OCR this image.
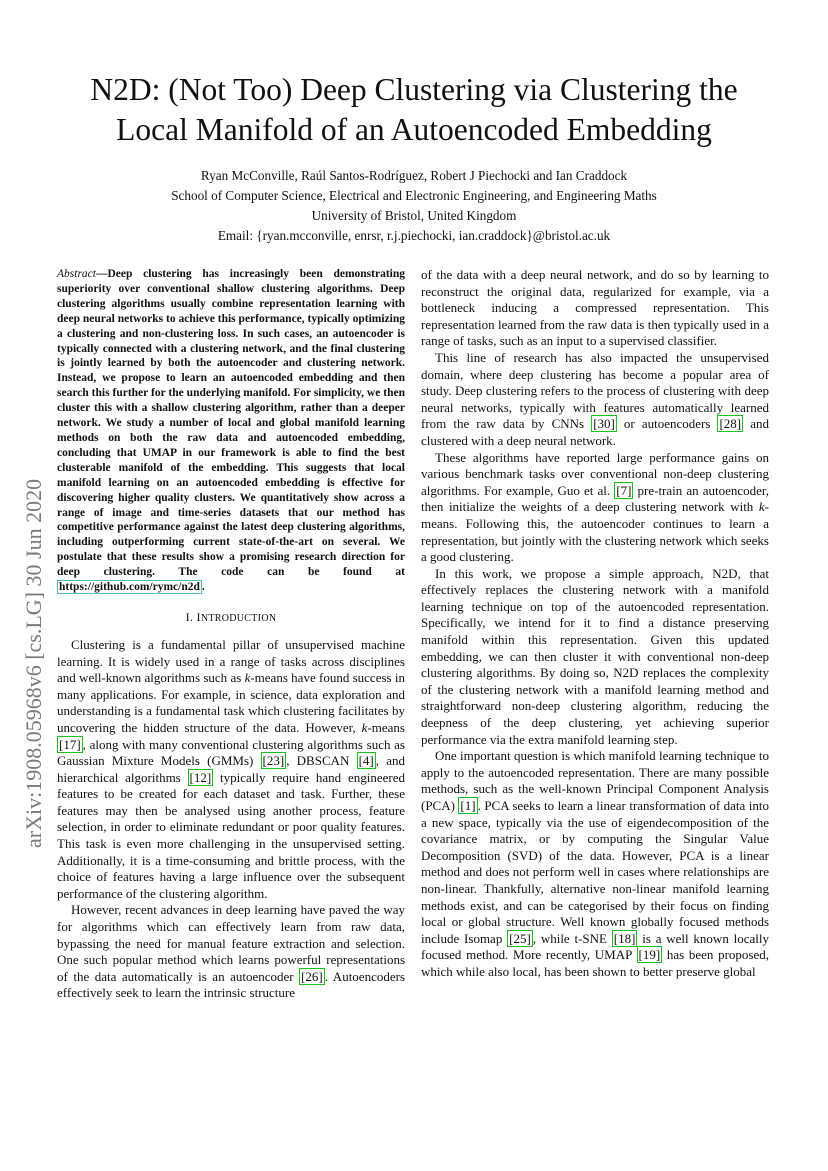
N2D: (Not Too) Deep Clustering via Clustering the
Local Manifold of an Autoencoded Embedding
Ryan McConville, Raúl Santos-Rodríguez, Robert J Piechocki and Ian Craddock
School of Computer Science, Electrical and Electronic Engineering, and Engineering Maths
University of Bristol, United Kingdom
Email: {ryan.mcconville, enrsr, r.j.piechocki, ian.craddock}@bristol.ac.uk
arXiv:1908.05968v6 [cs.LG] 30 Jun 2020
Abstract—Deep clustering has increasingly been demonstrating superiority over conventional shallow clustering algorithms. Deep clustering algorithms usually combine representation learning with deep neural networks to achieve this performance, typically optimizing a clustering and non-clustering loss. In such cases, an autoencoder is typically connected with a clustering network, and the final clustering is jointly learned by both the autoencoder and clustering network. Instead, we propose to learn an autoencoded embedding and then search this further for the underlying manifold. For simplicity, we then cluster this with a shallow clustering algorithm, rather than a deeper network. We study a number of local and global manifold learning methods on both the raw data and autoencoded embedding, concluding that UMAP in our framework is able to find the best clusterable manifold of the embedding. This suggests that local manifold learning on an autoencoded embedding is effective for discovering higher quality clusters. We quantitatively show across a range of image and time-series datasets that our method has competitive performance against the latest deep clustering algorithms, including outperforming current state-of-the-art on several. We postulate that these results show a promising research direction for deep clustering. The code can be found at https://github.com/rymc/n2d .
I. INTRODUCTION

Clustering is a fundamental pillar of unsupervised machine learning. It is widely used in a range of tasks across disciplines and well-known algorithms such as k-means have found success in many applications. For example, in science, data exploration and understanding is a fundamental task which clustering facilitates by uncovering the hidden structure of the data. However, k-means [17] , along with many conventional clustering algorithms such as Gaussian Mixture Models (GMMs) [23] , DBSCAN [4] , and hierarchical algorithms [12] typically require hand engineered features to be created for each dataset and task. Further, these features may then be analysed using another process, feature selection, in order to eliminate redundant or poor quality features. This task is even more challenging in the unsupervised setting. Additionally, it is a time-consuming and brittle process, with the choice of features having a large influence over the subsequent performance of the clustering algorithm.

However, recent advances in deep learning have paved the way for algorithms which can effectively learn from raw data, bypassing the need for manual feature extraction and selection. One such popular method which learns powerful representations of the data automatically is an autoencoder [26] . Autoencoders effectively seek to learn the intrinsic structure

of the data with a deep neural network, and do so by learning to reconstruct the original data, regularized for example, via a bottleneck inducing a compressed representation. This representation learned from the raw data is then typically used in a range of tasks, such as an input to a supervised classifier.

This line of research has also impacted the unsupervised domain, where deep clustering has become a popular area of study. Deep clustering refers to the process of clustering with deep neural networks, typically with features automatically learned from the raw data by CNNs [30] or autoencoders [28] and clustered with a deep neural network.

These algorithms have reported large performance gains on various benchmark tasks over conventional non-deep clustering algorithms. For example, Guo et al. [7] pre-train an autoencoder, then initialize the weights of a deep clustering network with k-means. Following this, the autoencoder continues to learn a representation, but jointly with the clustering network which seeks a good clustering.

In this work, we propose a simple approach, N2D, that effectively replaces the clustering network with a manifold learning technique on top of the autoencoded representation. Specifically, we intend for it to find a distance preserving manifold within this representation. Given this updated embedding, we can then cluster it with conventional non-deep clustering algorithms. By doing so, N2D replaces the complexity of the clustering network with a manifold learning method and straightforward non-deep clustering algorithm, reducing the deepness of the deep clustering, yet achieving superior performance via the extra manifold learning step.

One important question is which manifold learning technique to apply to the autoencoded representation. There are many possible methods, such as the well-known Principal Component Analysis (PCA) [1] . PCA seeks to learn a linear transformation of data into a new space, typically via the use of eigendecomposition of the covariance matrix, or by computing the Singular Value Decomposition (SVD) of the data. However, PCA is a linear method and does not perform well in cases where relationships are non-linear. Thankfully, alternative non-linear manifold learning methods exist, and can be categorised by their focus on finding local or global structure. Well known globally focused methods include Isomap [25] , while t-SNE [18] is a well known locally focused method. More recently, UMAP [19] has been proposed, which while also local, has been shown to better preserve global
